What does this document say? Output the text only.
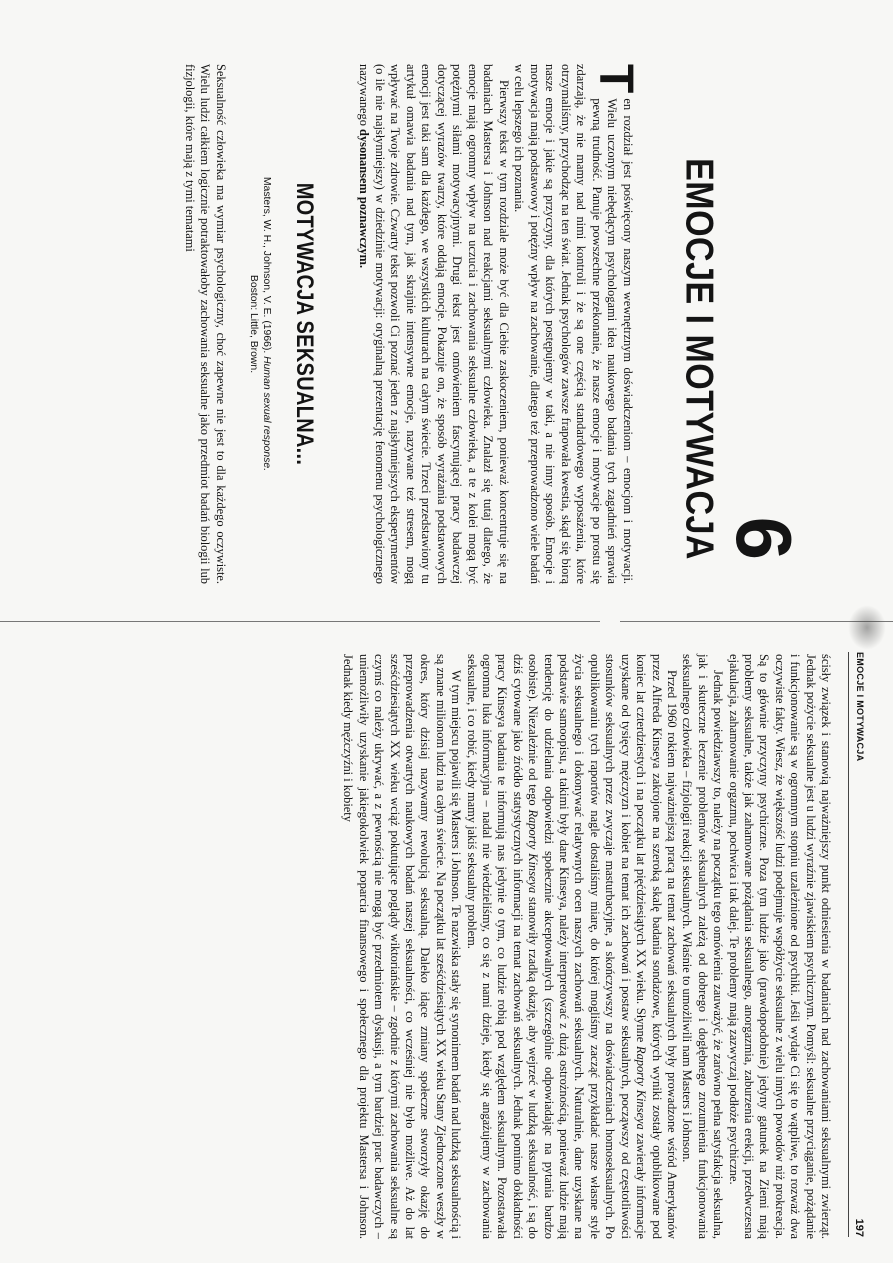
6
EMOCJE I MOTYWACJA

T
en rozdział jest poświęcony naszym wewnętrznym doświadczeniom – emocjom i motywacji. Wielu uczonym niebędącym psychologami idea naukowego badania tych zagadnień sprawia pewną trudność. Panuje powszechne przekonanie, że nasze emocje i motywacje po prostu się zdarzają, że nie mamy nad nimi kontroli i że są one częścią standardowego wyposażenia, które otrzymaliśmy, przychodząc na ten świat. Jednak psychologów zawsze frapowała kwestia, skąd się biorą nasze emocje i jakie są przyczyny, dla których postępujemy w taki, a nie inny sposób. Emocje i motywacja mają podstawowy i potężny wpływ na zachowanie, dlatego też przeprowadzono wiele badań w celu lepszego ich poznania.

Pierwszy tekst w tym rozdziale może być dla Ciebie zaskoczeniem, ponieważ koncentruje się na badaniach Mastersa i Johnson nad reakcjami seksualnymi człowieka. Znalazł się tutaj dlatego, że emocje mają ogromny wpływ na uczucia i zachowania seksualne człowieka, a te z kolei mogą być potężnymi siłami motywacyjnymi. Drugi tekst jest omówieniem fascynującej pracy badawczej dotyczącej wyrazów twarzy, które oddają emocje. Pokazuje on, że sposób wyrażania podstawowych emocji jest taki sam dla każdego, we wszystkich kulturach na całym świecie. Trzeci przedstawiony tu artykuł omawia badania nad tym, jak skrajnie intensywne emocje, nazywane też stresem, mogą wpływać na Twoje zdrowie. Czwarty tekst pozwoli Ci poznać jeden z najsłynniejszych eksperymentów (o ile nie najsłynniejszy) w dziedzinie motywacji: oryginalną prezentację fenomenu psychologicznego nazywanego dysonansem poznawczym.

MOTYWACJA SEKSUALNA...
Masters, W. H., Johnson, V. E. (1966). Human sexual response.
Boston: Little, Brown.
Seksualność człowieka ma wymiar psychologiczny, choć zapewne nie jest to dla każdego oczywiste. Wielu ludzi całkiem logicznie potraktowałoby zachowania seksualne jako przedmiot badań biologii lub fizjologii, które mają z tymi tematami
EMOCJE I MOTYWACJA
197

ścisły związek i stanowią najważniejszy punkt odniesienia w badaniach nad zachowaniami seksualnymi zwierząt. Jednak pożycie seksualne jest u ludzi wyraźnie zjawiskiem psychicznym. Pomyśl: seksualne przyciąganie, pożądanie i funkcjonowanie są w ogromnym stopniu uzależnione od psychiki. Jeśli wydaje Ci się to wątpliwe, to rozważ dwa oczywiste fakty. Wiesz, że większość ludzi podejmuje współżycie seksualne z wielu innych powodów niż prokreacja. Są to głównie przyczyny psychiczne. Poza tym ludzie jako (prawdopodobnie) jedyny gatunek na Ziemi mają problemy seksualne, także jak zahamowane pożądania seksualnego, anorgazmia, zaburzenia erekcji, przedwczesna ejakulacja, zahamowanie orgazmu, pochwica i tak dalej. Te problemy mają zazwyczaj podłoże psychiczne.

Jednak powiedziawszy to, należy na początku tego omówienia zauważyć, że zarówno pełna satysfakcja seksualna, jak i skuteczne leczenie problemów seksualnych zależą od dobrego i dogłębnego zrozumienia funkcjonowania seksualnego człowieka – fizjologii reakcji seksualnych. Właśnie to umożliwili nam Masters i Johnson.

Przed 1960 rokiem najważniejszą pracą na temat zachowań seksualnych były prowadzone wśród Amerykanów przez Alfreda Kinseya zakrojone na szeroką skalę badania sondażowe, których wyniki zostały opublikowane pod koniec lat czterdziestych i na początku lat pięćdziesiątych XX wieku. Słynne Raporty Kinseya zawierały informacje uzyskane od tysięcy mężczyzn i kobiet na temat ich zachowań i postaw seksualnych, począwszy od częstotliwości stosunków seksualnych przez zwyczaje masturbacyjne, a skończywszy na doświadczeniach homoseksualnych. Po opublikowaniu tych raportów nagle dostaliśmy miarę, do której mogliśmy zacząć przykładać nasze własne style życia seksualnego i dokonywać relatywnych ocen naszych zachowań seksualnych. Naturalnie, dane uzyskane na podstawie samoopisu, a takimi były dane Kinseya, należy interpretować z dużą ostrożnością, ponieważ ludzie mają tendencję do udzielania odpowiedzi społecznie akceptowalnych (szczególnie odpowiadając na pytania bardzo osobiste). Niezależnie od tego Raporty Kinseya stanowiły rzadką okazję, aby wejrzeć w ludzką seksualność, i są do dziś cytowane jako źródło statystycznych informacji na temat zachowań seksualnych. Jednak pomimo dokładności pracy Kinseya badania te informują nas jedynie o tym, co ludzie robią pod względem seksualnym. Pozostawała ogromna luka informacyjna – nadal nie wiedzieliśmy, co się z nami dzieje, kiedy się angażujemy w zachowania seksualne, i co robić, kiedy mamy jakiś seksualny problem.

W tym miejscu pojawili się Masters i Johnson. Te nazwiska stały się synonimem badań nad ludzką seksualnością i są znane milionom ludzi na całym świecie. Na początku lat sześćdziesiątych XX wieku Stany Zjednoczone weszły w okres, który dzisiaj nazywamy rewolucją seksualną. Daleko idące zmiany społeczne stworzyły okazję do przeprowadzenia otwartych naukowych badań naszej seksualności, co wcześniej nie było możliwe. Aż do lat sześćdziesiątych XX wieku wciąż pokutujące poglądy wiktoriańskie – zgodnie z którymi zachowania seksualne są czymś co należy ukrywać, a z pewnością nie mogą być przedmiotem dyskusji, a tym bardziej prac badawczych – uniemożliwiły uzyskanie jakiegokolwiek poparcia finansowego i społecznego dla projektu Mastersa i Johnson. Jednak kiedy mężczyźni i kobiety
